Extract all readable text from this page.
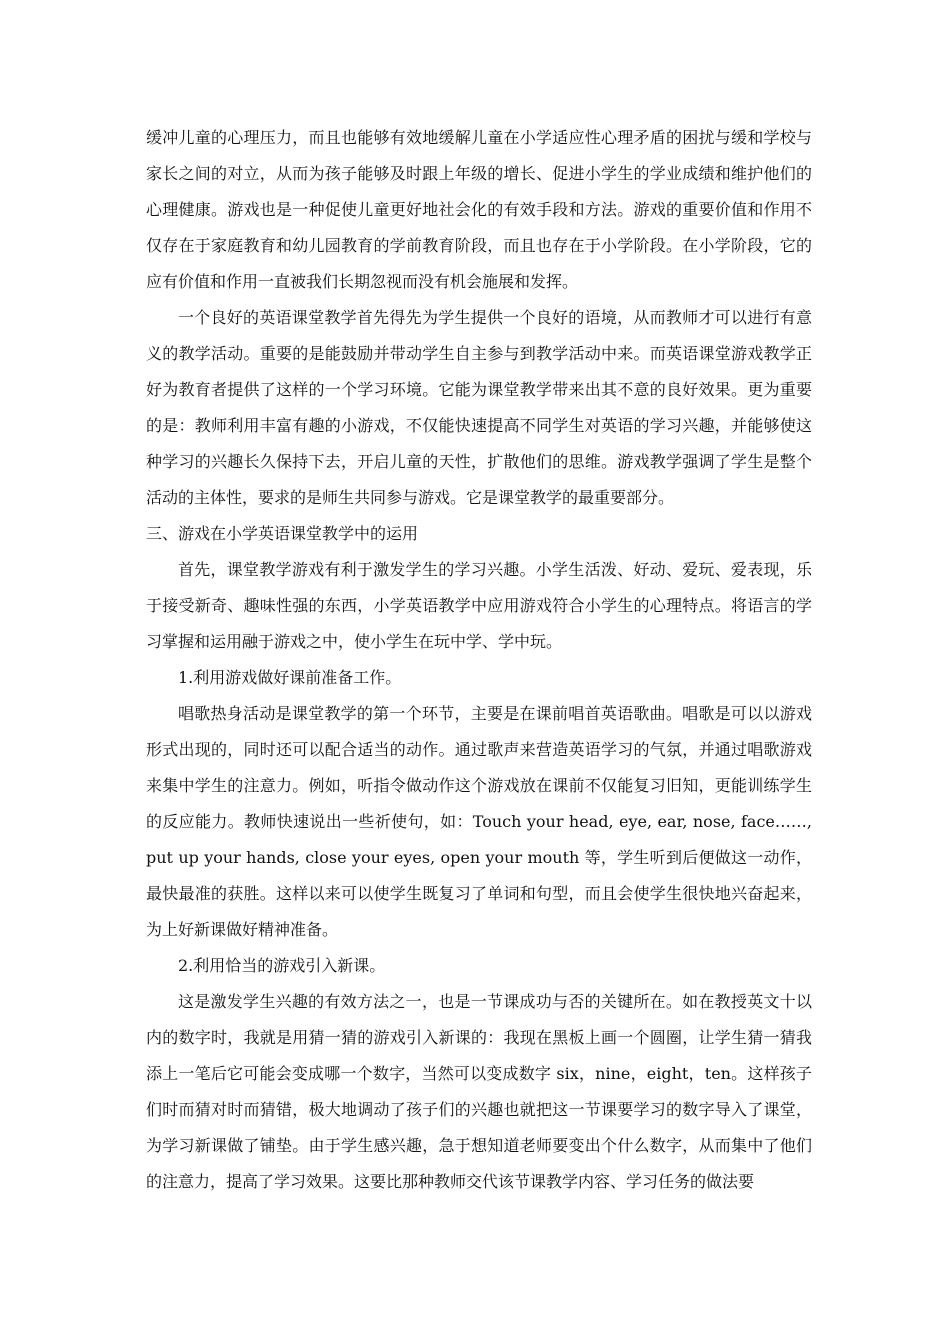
缓冲儿童的心理压力，而且也能够有效地缓解儿童在小学适应性心理矛盾的困扰与缓和学校与家长之间的对立，从而为孩子能够及时跟上年级的增长、促进小学生的学业成绩和维护他们的心理健康。游戏也是一种促使儿童更好地社会化的有效手段和方法。游戏的重要价值和作用不仅存在于家庭教育和幼儿园教育的学前教育阶段，而且也存在于小学阶段。在小学阶段，它的应有价值和作用一直被我们长期忽视而没有机会施展和发挥。

一个良好的英语课堂教学首先得先为学生提供一个良好的语境，从而教师才可以进行有意义的教学活动。重要的是能鼓励并带动学生自主参与到教学活动中来。而英语课堂游戏教学正好为教育者提供了这样的一个学习环境。它能为课堂教学带来出其不意的良好效果。更为重要的是：教师利用丰富有趣的小游戏，不仅能快速提高不同学生对英语的学习兴趣，并能够使这种学习的兴趣长久保持下去，开启儿童的天性，扩散他们的思维。游戏教学强调了学生是整个活动的主体性，要求的是师生共同参与游戏。它是课堂教学的最重要部分。

三、游戏在小学英语课堂教学中的运用

首先，课堂教学游戏有利于激发学生的学习兴趣。小学生活泼、好动、爱玩、爱表现，乐于接受新奇、趣味性强的东西，小学英语教学中应用游戏符合小学生的心理特点。将语言的学习掌握和运用融于游戏之中，使小学生在玩中学、学中玩。

1.利用游戏做好课前准备工作。

唱歌热身活动是课堂教学的第一个环节，主要是在课前唱首英语歌曲。唱歌是可以以游戏形式出现的，同时还可以配合适当的动作。通过歌声来营造英语学习的气氛，并通过唱歌游戏来集中学生的注意力。例如，听指令做动作这个游戏放在课前不仅能复习旧知，更能训练学生的反应能力。教师快速说出一些祈使句，如：Touch your head, eye, ear, nose, face……, put up your hands, close your eyes, open your mouth 等，学生听到后便做这一动作，最快最准的获胜。这样以来可以使学生既复习了单词和句型，而且会使学生很快地兴奋起来，为上好新课做好精神准备。

2.利用恰当的游戏引入新课。

这是激发学生兴趣的有效方法之一，也是一节课成功与否的关键所在。如在教授英文十以内的数字时，我就是用猜一猜的游戏引入新课的：我现在黑板上画一个圆圈，让学生猜一猜我添上一笔后它可能会变成哪一个数字，当然可以变成数字 six，nine，eight，ten。这样孩子们时而猜对时而猜错，极大地调动了孩子们的兴趣也就把这一节课要学习的数字导入了课堂，为学习新课做了铺垫。由于学生感兴趣，急于想知道老师要变出个什么数字，从而集中了他们的注意力，提高了学习效果。这要比那种教师交代该节课教学内容、学习任务的做法要
